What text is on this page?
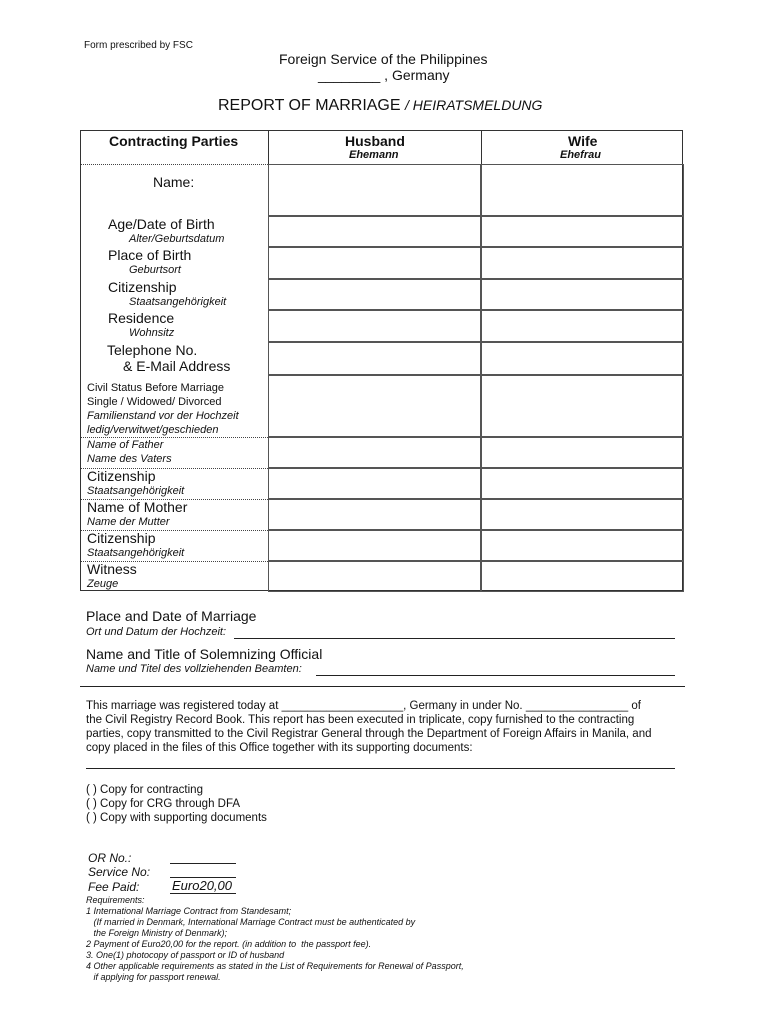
Form prescribed by FSC
Foreign Service of the Philippines
________ , Germany
REPORT OF MARRIAGE / HEIRATSMELDUNG
Contracting Parties	Husband
Ehemann
Wife
Ehefrau
Name:
Age/Date of Birth
Alter/Geburtsdatum
Place of Birth
Geburtsort
Citizenship
Staatsangehörigkeit
Residence
Wohnsitz
Telephone No.
& E-Mail Address
Civil Status Before Marriage
Single / Widowed/ Divorced
Familienstand vor der Hochzeit
ledig/verwitwet/geschieden
Name of Father
Name des Vaters
Citizenship
Staatsangehörigkeit
Name of Mother
Name der Mutter
Citizenship
Staatsangehörigkeit
Witness
Zeuge
Place and Date of Marriage
Ort und Datum der Hochzeit:
Name and Title of Solemnizing Official
Name und Titel des vollziehenden Beamten:
This marriage was registered today at ___________________, Germany in under No. ________________ of
the Civil Registry Record Book. This report has been executed in triplicate, copy furnished to the contracting
parties, copy transmitted to the Civil Registrar General through the Department of Foreign Affairs in Manila, and
copy placed in the files of this Office together with its supporting documents:
( ) Copy for contracting
( ) Copy for CRG through DFA
( ) Copy with supporting documents
OR No.:
Service No:
Fee Paid:	Euro20,00
Requirements:
1 International Marriage Contract from Standesamt;
(If married in Denmark, International Marriage Contract must be authenticated by
the Foreign Ministry of Denmark);
2 Payment of Euro20,00 for the report. (in addition to  the passport fee).
3. One(1) photocopy of passport or ID of husband
4 Other applicable requirements as stated in the List of Requirements for Renewal of Passport,
if applying for passport renewal.
